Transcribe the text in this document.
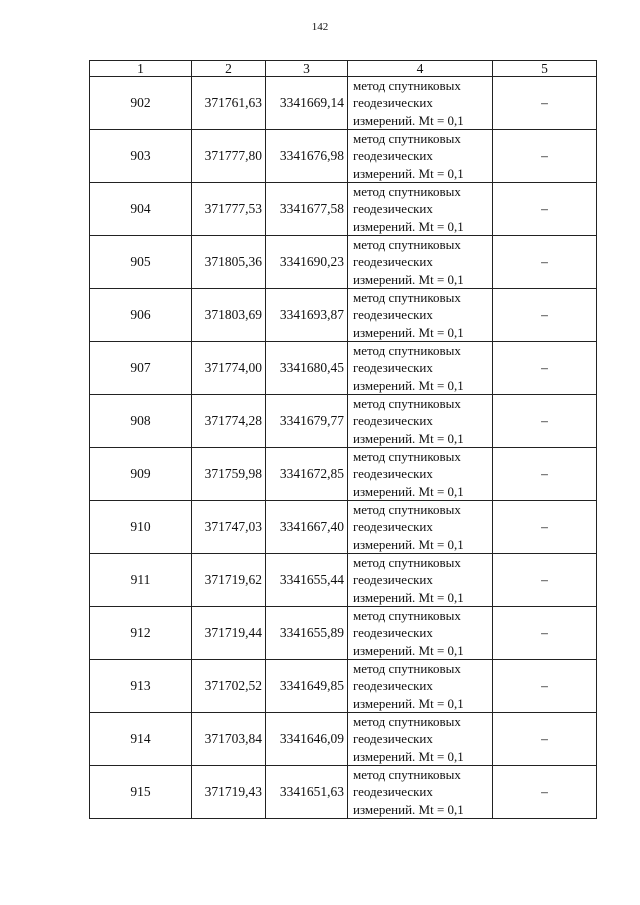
142
1	2	3	4	5
902	371761,63	3341669,14	метод спутниковых
геодезических
измерений. Mt = 0,1	–
903	371777,80	3341676,98	метод спутниковых
геодезических
измерений. Mt = 0,1	–
904	371777,53	3341677,58	метод спутниковых
геодезических
измерений. Mt = 0,1	–
905	371805,36	3341690,23	метод спутниковых
геодезических
измерений. Mt = 0,1	–
906	371803,69	3341693,87	метод спутниковых
геодезических
измерений. Mt = 0,1	–
907	371774,00	3341680,45	метод спутниковых
геодезических
измерений. Mt = 0,1	–
908	371774,28	3341679,77	метод спутниковых
геодезических
измерений. Mt = 0,1	–
909	371759,98	3341672,85	метод спутниковых
геодезических
измерений. Mt = 0,1	–
910	371747,03	3341667,40	метод спутниковых
геодезических
измерений. Mt = 0,1	–
911	371719,62	3341655,44	метод спутниковых
геодезических
измерений. Mt = 0,1	–
912	371719,44	3341655,89	метод спутниковых
геодезических
измерений. Mt = 0,1	–
913	371702,52	3341649,85	метод спутниковых
геодезических
измерений. Mt = 0,1	–
914	371703,84	3341646,09	метод спутниковых
геодезических
измерений. Mt = 0,1	–
915	371719,43	3341651,63	метод спутниковых
геодезических
измерений. Mt = 0,1	–
